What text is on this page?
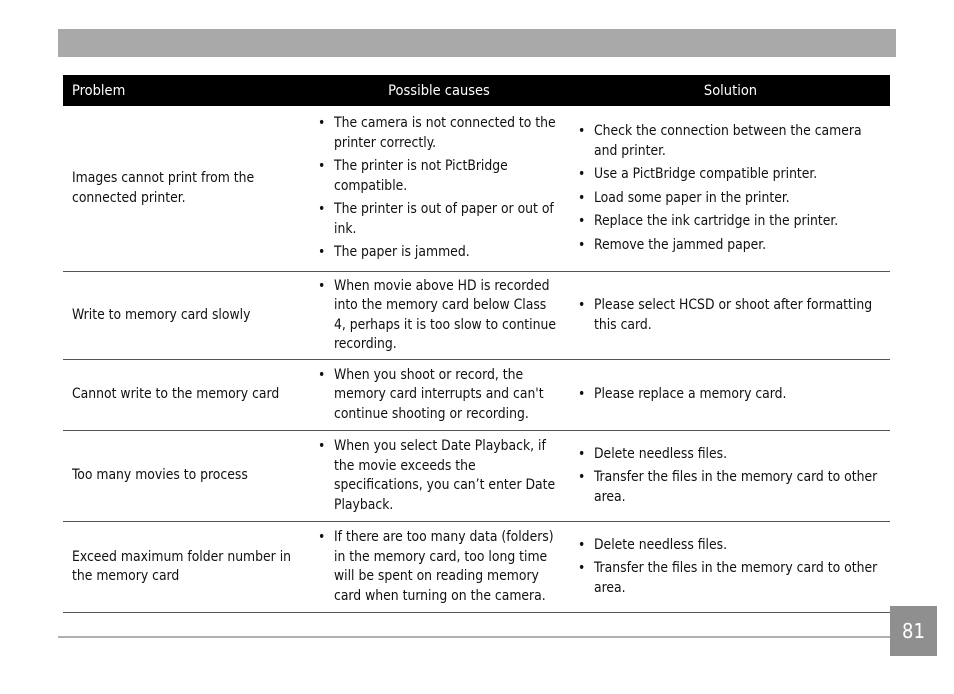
Problem	Possible causes	Solution
Images cannot print from the connected printer.
• The camera is not connected to the printer correctly.
• The printer is not PictBridge compatible.
• The printer is out of paper or out of ink.
• The paper is jammed.
• Check the connection between the camera and printer.
• Use a PictBridge compatible printer.
• Load some paper in the printer.
• Replace the ink cartridge in the printer.
• Remove the jammed paper.
Write to memory card slowly
• When movie above HD is recorded into the memory card below Class 4, perhaps it is too slow to continue recording.
• Please select HCSD or shoot after formatting this card.
Cannot write to the memory card
• When you shoot or record, the memory card interrupts and can't continue shooting or recording.
• Please replace a memory card.
Too many movies to process
• When you select Date Playback, if the movie exceeds the specifications, you can’t enter Date Playback.
• Delete needless files.
• Transfer the files in the memory card to other area.
Exceed maximum folder number in the memory card
• If there are too many data (folders) in the memory card, too long time will be spent on reading memory card when turning on the camera.
• Delete needless files.
• Transfer the files in the memory card to other area.
81
